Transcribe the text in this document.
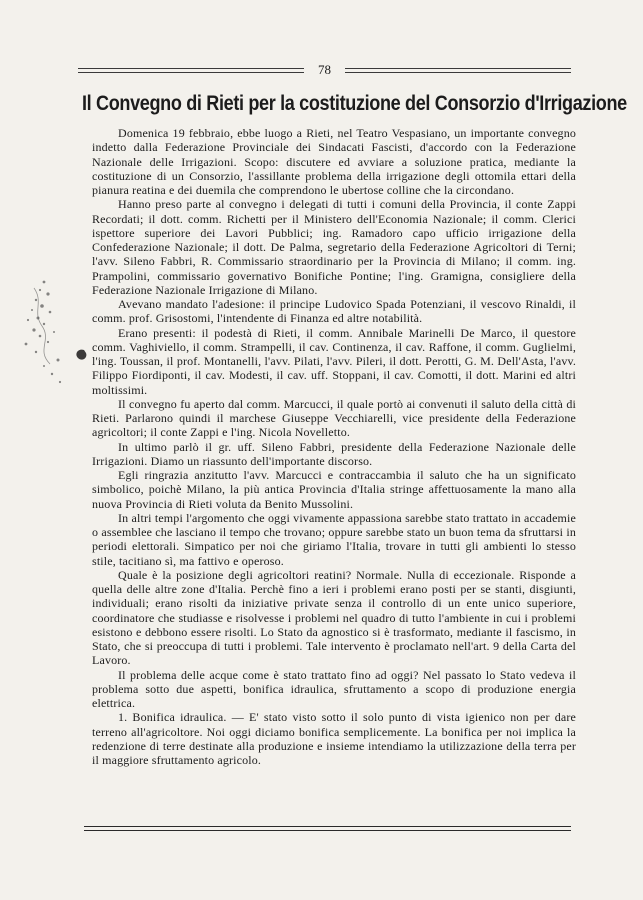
78
Il Convegno di Rieti per la costituzione del Consorzio d'Irrigazione

Domenica 19 febbraio, ebbe luogo a Rieti, nel Teatro Vespasiano, un importante convegno indetto dalla Federazione Provinciale dei Sindacati Fascisti, d'accordo con la Federazione Nazionale delle Irrigazioni. Scopo: discutere ed avviare a soluzione pratica, mediante la costituzione di un Consorzio, l'assillante problema della irrigazione degli ottomila ettari della pianura reatina e dei duemila che comprendono le ubertose colline che la circondano.

Hanno preso parte al convegno i delegati di tutti i comuni della Provincia, il conte Zappi Recordati; il dott. comm. Richetti per il Ministero dell'Economia Nazionale; il comm. Clerici ispettore superiore dei Lavori Pubblici; ing. Ramadoro capo ufficio irrigazione della Confederazione Nazionale; il dott. De Palma, segretario della Federazione Agricoltori di Terni; l'avv. Sileno Fabbri, R. Commissario straordinario per la Provincia di Milano; il comm. ing. Prampolini, commissario governativo Bonifiche Pontine; l'ing. Gramigna, consigliere della Federazione Nazionale Irrigazione di Milano.

Avevano mandato l'adesione: il principe Ludovico Spada Potenziani, il vescovo Rinaldi, il comm. prof. Grisostomi, l'intendente di Finanza ed altre notabilità.

Erano presenti: il podestà di Rieti, il comm. Annibale Marinelli De Marco, il questore comm. Vaghiviello, il comm. Strampelli, il cav. Continenza, il cav. Raffone, il comm. Guglielmi, l'ing. Toussan, il prof. Montanelli, l'avv. Pilati, l'avv. Pileri, il dott. Perotti, G. M. Dell'Asta, l'avv. Filippo Fiordiponti, il cav. Modesti, il cav. uff. Stoppani, il cav. Comotti, il dott. Marini ed altri moltissimi.

Il convegno fu aperto dal comm. Marcucci, il quale portò ai convenuti il saluto della città di Rieti. Parlarono quindi il marchese Giuseppe Vecchiarelli, vice presidente della Federazione agricoltori; il conte Zappi e l'ing. Nicola Novelletto.

In ultimo parlò il gr. uff. Sileno Fabbri, presidente della Federazione Nazionale delle Irrigazioni. Diamo un riassunto dell'importante discorso.

Egli ringrazia anzitutto l'avv. Marcucci e contraccambia il saluto che ha un significato simbolico, poichè Milano, la più antica Provincia d'Italia stringe affettuosamente la mano alla nuova Provincia di Rieti voluta da Benito Mussolini.

In altri tempi l'argomento che oggi vivamente appassiona sarebbe stato trattato in accademie o assemblee che lasciano il tempo che trovano; oppure sarebbe stato un buon tema da sfruttarsi in periodi elettorali. Simpatico per noi che giriamo l'Italia, trovare in tutti gli ambienti lo stesso stile, tacitiano sì, ma fattivo e operoso.

Quale è la posizione degli agricoltori reatini? Normale. Nulla di eccezionale. Risponde a quella delle altre zone d'Italia. Perchè fino a ieri i problemi erano posti per se stanti, disgiunti, individuali; erano risolti da iniziative private senza il controllo di un ente unico superiore, coordinatore che studiasse e risolvesse i problemi nel quadro di tutto l'ambiente in cui i problemi esistono e debbono essere risolti. Lo Stato da agnostico si è trasformato, mediante il fascismo, in Stato, che si preoccupa di tutti i problemi. Tale intervento è proclamato nell'art. 9 della Carta del Lavoro.

Il problema delle acque come è stato trattato fino ad oggi? Nel passato lo Stato vedeva il problema sotto due aspetti, bonifica idraulica, sfruttamento a scopo di produzione energia elettrica.

1. Bonifica idraulica. — E' stato visto sotto il solo punto di vista igienico non per dare terreno all'agricoltore. Noi oggi diciamo bonifica semplicemente. La bonifica per noi implica la redenzione di terre destinate alla produzione e insieme intendiamo la utilizzazione della terra per il maggiore sfruttamento agricolo.
